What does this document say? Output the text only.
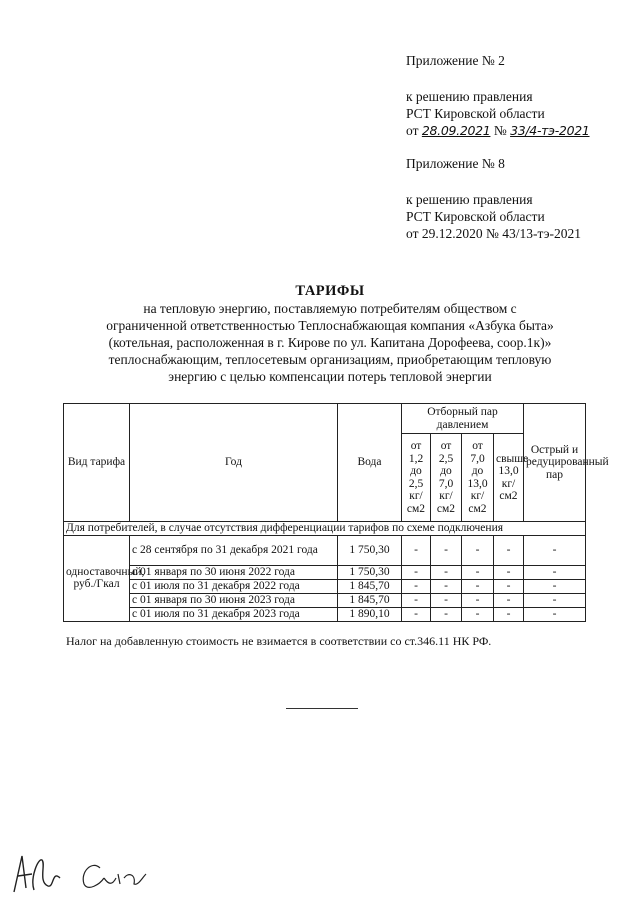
Приложение № 2

к решению правления

РСТ Кировской области

от 28.09.2021 № 33/4-тэ-2021

Приложение № 8

к решению правления

РСТ Кировской области

от 29.12.2020 № 43/13-тэ-2021

ТАРИФЫ

на тепловую энергию, поставляемую потребителям обществом с

ограниченной ответственностью Теплоснабжающая компания «Азбука быта»

(котельная, расположенная в г. Кирове по ул. Капитана Дорофеева, соор.1к)»

теплоснабжающим, теплосетевым организациям, приобретающим тепловую

энергию с целью компенсации потерь тепловой энергии

Вид тарифа	Год	Вода	Отборный пар давлением				Острый и редуцированный пар
			от 1,2 до 2,5 кг/см2	от 2,5 до 7,0 кг/см2	от 7,0 до 13,0 кг/см2	свыше 13,0 кг/см2	
Для потребителей, в случае отсутствия дифференциации тарифов по схеме подключения							
одноставочный, руб./Гкал	с 28 сентября по 31 декабря 2021 года	1 750,30	-	-	-	-	-
	с 01 января по 30 июня 2022 года	1 750,30	-	-	-	-	-
	с 01 июля по 31 декабря 2022 года	1 845,70	-	-	-	-	-
	с 01 января по 30 июня 2023 года	1 845,70	-	-	-	-	-
	с 01 июля по 31 декабря 2023 года	1 890,10	-	-	-	-	-
Налог на добавленную стоимость не взимается в соответствии со ст.346.11 НК РФ.
